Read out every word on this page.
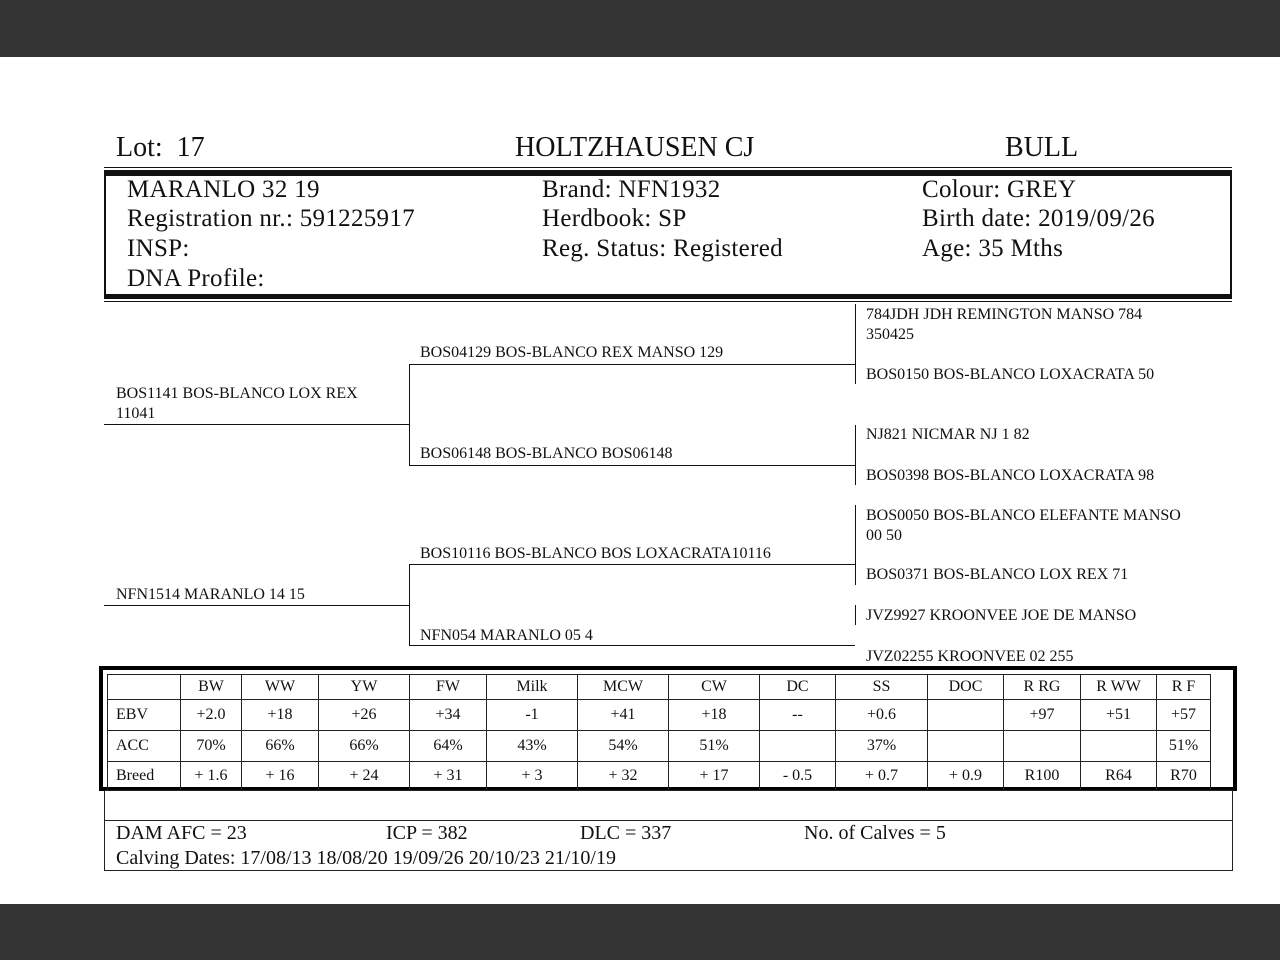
Lot: 17	HOLTZHAUSEN CJ	BULL
MARANLO 32 19
Registration nr.: 591225917
INSP:
DNA Profile:
Brand: NFN1932
Herdbook: SP
Reg. Status: Registered
Colour: GREY
Birth date: 2019/09/26
Age: 35 Mths
BOS1141 BOS-BLANCO LOX REX
11041
NFN1514 MARANLO 14 15
BOS04129 BOS-BLANCO REX MANSO 129
BOS06148 BOS-BLANCO BOS06148
BOS10116 BOS-BLANCO BOS LOXACRATA10116
NFN054 MARANLO 05 4
784JDH JDH REMINGTON MANSO 784
350425
BOS0150 BOS-BLANCO LOXACRATA 50
NJ821 NICMAR NJ 1 82
BOS0398 BOS-BLANCO LOXACRATA 98
BOS0050 BOS-BLANCO ELEFANTE MANSO
00 50
BOS0371 BOS-BLANCO LOX REX 71
JVZ9927 KROONVEE JOE DE MANSO
JVZ02255 KROONVEE 02 255
	BW	WW	YW	FW	Milk	MCW	CW	DC	SS	DOC	R RG	R WW	R F
EBV	+2.0	+18	+26	+34	-1	+41	+18	--	+0.6		+97	+51	+57
ACC	70%	66%	66%	64%	43%	54%	51%		37%				51%
Breed	+ 1.6	+ 16	+ 24	+ 31	+ 3	+ 32	+ 17	- 0.5	+ 0.7	+ 0.9	R100	R64	R70
DAM AFC = 23	ICP = 382	DLC = 337	No. of Calves = 5
Calving Dates: 17/08/13 18/08/20 19/09/26 20/10/23 21/10/19
